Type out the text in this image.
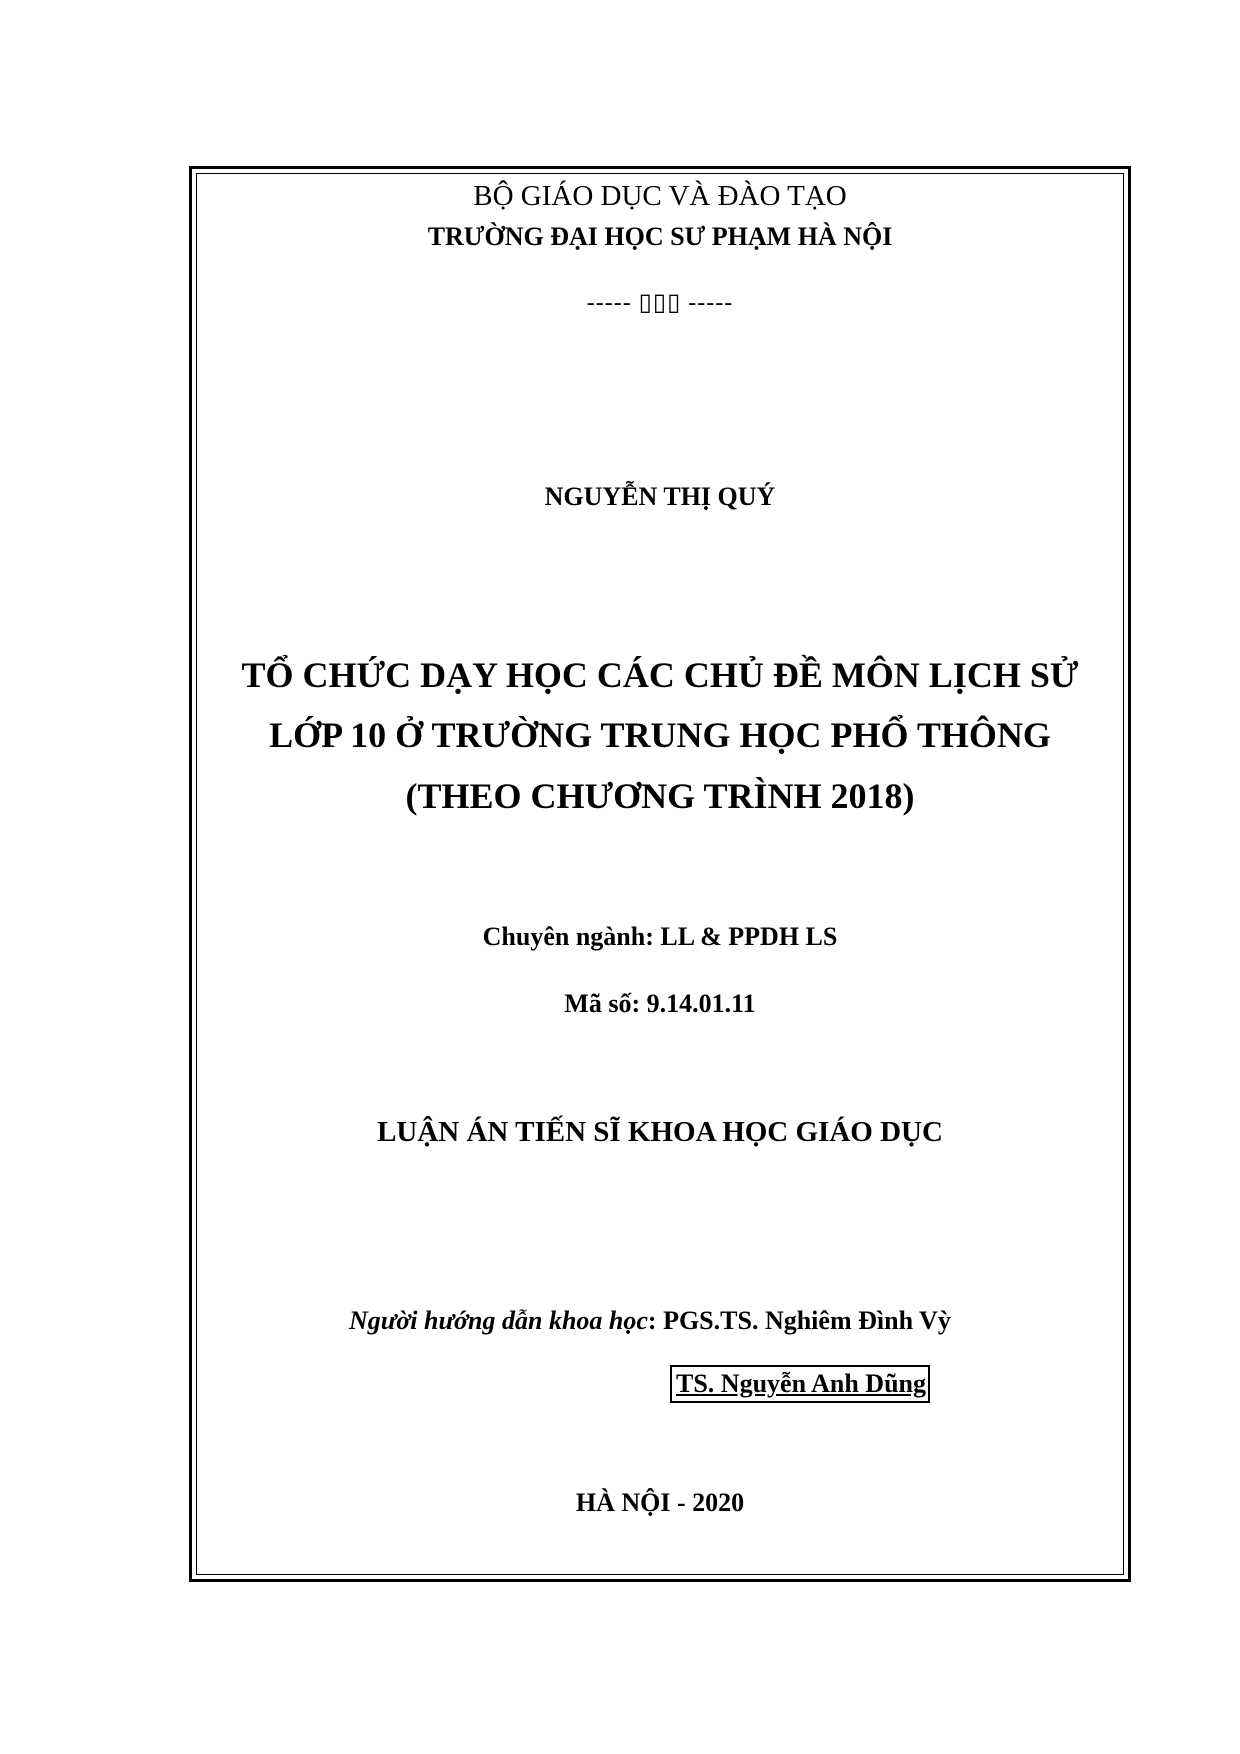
BỘ GIÁO DỤC VÀ ĐÀO TẠO
TRƯỜNG ĐẠI HỌC SƯ PHẠM HÀ NỘI
----- ▯▯▯ -----
NGUYỄN THỊ QUÝ
TỔ CHỨC DẠY HỌC CÁC CHỦ ĐỀ MÔN LỊCH SỬ
LỚP 10 Ở TRƯỜNG TRUNG HỌC PHỔ THÔNG
(THEO CHƯƠNG TRÌNH 2018)
Chuyên ngành: LL & PPDH LS
Mã số: 9.14.01.11
LUẬN ÁN TIẾN SĨ KHOA HỌC GIÁO DỤC
Người hướng dẫn khoa học: PGS.TS. Nghiêm Đình Vỳ
TS. Nguyễn Anh Dũng
HÀ NỘI - 2020
